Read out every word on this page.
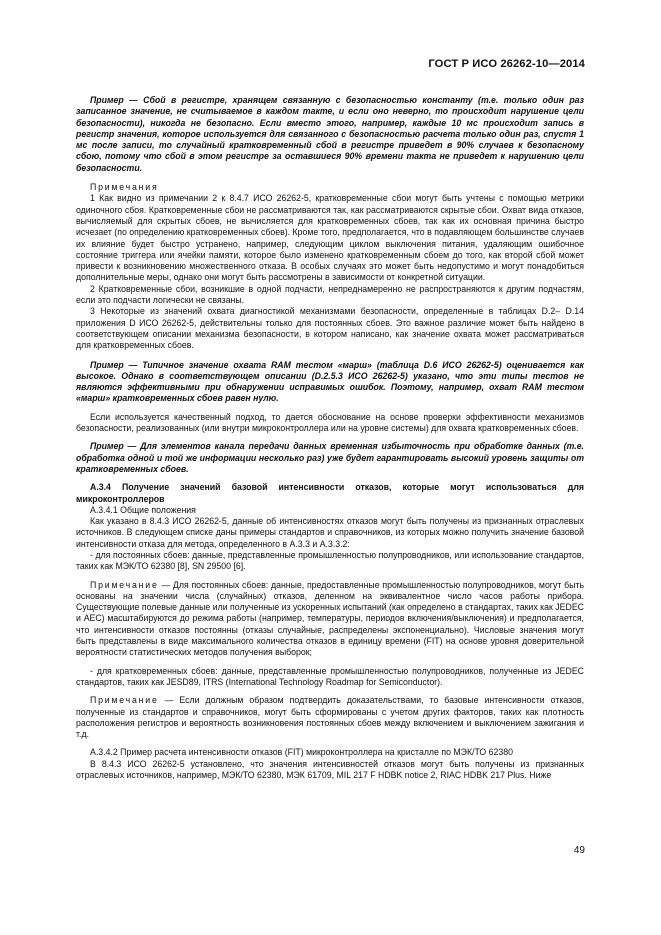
ГОСТ Р ИСО 26262-10—2014

Пример — Сбой в регистре, хранящем связанную с безопасностью константу (т.е. только один раз записанное значение, не считываемое в каждом такте, и если оно неверно, то происходит нарушение цели безопасности), никогда не безопасно. Если вместо этого, например, каждые 10 мс происходит запись в регистр значения, которое используется для связанного с безопасностью расчета только один раз, спустя 1 мс после записи, то случайный кратковременный сбой в регистре приведет в 90% случаев к безопасному сбою, потому что сбой в этом регистре за оставшиеся 90% времени такта не приведет к нарушению цели безопасности.

Примечания

1 Как видно из примечании 2 к 8.4.7 ИСО 26262-5, кратковременные сбои могут быть учтены с помощью метрики одиночного сбоя. Кратковременные сбои не рассматриваются так, как рассматриваются скрытые сбои. Охват вида отказов, вычисляемый для скрытых сбоев, не вычисляется для кратковременных сбоев, так как их основная причина быстро исчезает (по определению кратковременных сбоев). Кроме того, предполагается, что в подавляющем большинстве случаев их влияние будет быстро устранено, например, следующим циклом выключения питания, удаляющим ошибочное состояние триггера или ячейки памяти, которое было изменено кратковременным сбоем до того, как второй сбой может привести к возникновению множественного отказа. В особых случаях это может быть недопустимо и могут понадобиться дополнительные меры, однако они могут быть рассмотрены в зависимости от конкретной ситуации.

2 Кратковременные сбои, возникшие в одной подчасти, непреднамеренно не распространяются к другим подчастям, если это подчасти логически не связаны.

3 Некоторые из значений охвата диагностикой механизмами безопасности, определенные в таблицах D.2– D.14 приложения D ИСО 26262-5, действительны только для постоянных сбоев. Это важное различие может быть найдено в соответствующем описании механизма безопасности, в котором написано, как значение охвата может рассматриваться для кратковременных сбоев.

Пример — Типичное значение охвата RAM тестом «марш» (таблица D.6 ИСО 26262-5) оценивается как высокое. Однако в соответствующем описании (D.2.5.3 ИСО 26262-5) указано, что эти типы тестов не являются эффективными при обнаружении исправимых ошибок. Поэтому, например, охват RAM тестом «марш» кратковременных сбоев равен нулю.

Если используется качественный подход, то дается обоснование на основе проверки эффективности механизмов безопасности, реализованных (или внутри микроконтроллера или на уровне системы) для охвата кратковременных сбоев.

Пример — Для элементов канала передачи данных временная избыточность при обработке данных (т.е. обработка одной и той же информации несколько раз) уже будет гарантировать высокий уровень защиты от кратковременных сбоев.

А.3.4 Получение значений базовой интенсивности отказов, которые могут использоваться для микроконтроллеров

А.3.4.1 Общие положения

Как указано в 8.4.3 ИСО 26262-5, данные об интенсивностях отказов могут быть получены из признанных отраслевых источников. В следующем списке даны примеры стандартов и справочников, из которых можно получить значение базовой интенсивности отказа для метода, определенного в А.3.3 и А.3.3.2:

- для постоянных сбоев: данные, представленные промышленностью полупроводников, или использование стандартов, таких как МЭК/ТО 62380 [8], SN 29500 [6].

Примечание — Для постоянных сбоев: данные, предоставленные промышленностью полупроводников, могут быть основаны на значении числа (случайных) отказов, деленном на эквивалентное число часов работы прибора. Существующие полевые данные или полученные из ускоренных испытаний (как определено в стандартах, таких как JEDEC и AEC) масштабируются до режима работы (например, температуры, периодов включения/выключения) и предполагается, что интенсивности отказов постоянны (отказы случайные, распределены экспоненциально). Числовые значения могут быть представлены в виде максимального количества отказов в единицу времени (FIT) на основе уровня доверительной вероятности статистических методов получения выборок;

- для кратковременных сбоев: данные, представленные промышленностью полупроводников, полученные из JEDEC стандартов, таких как JESD89, ITRS (International Technology Roadmap for Semiconductor).

Примечание — Если должным образом подтвердить доказательствами, то базовые интенсивности отказов, полученные из стандартов и справочников, могут быть сформированы с учетом других факторов, таких как плотность расположения регистров и вероятность возникновения постоянных сбоев между включением и выключением зажигания и т.д.

А.3.4.2 Пример расчета интенсивности отказов (FIT) микроконтроллера на кристалле по МЭК/ТО 62380

В 8.4.3 ИСО 26262-5 установлено, что значения интенсивностей отказов могут быть получены из признанных отраслевых источников, например, МЭК/ТО 62380, МЭК 61709, MIL 217 F HDBK notice 2, RIAC HDBK 217 Plus. Ниже

49
